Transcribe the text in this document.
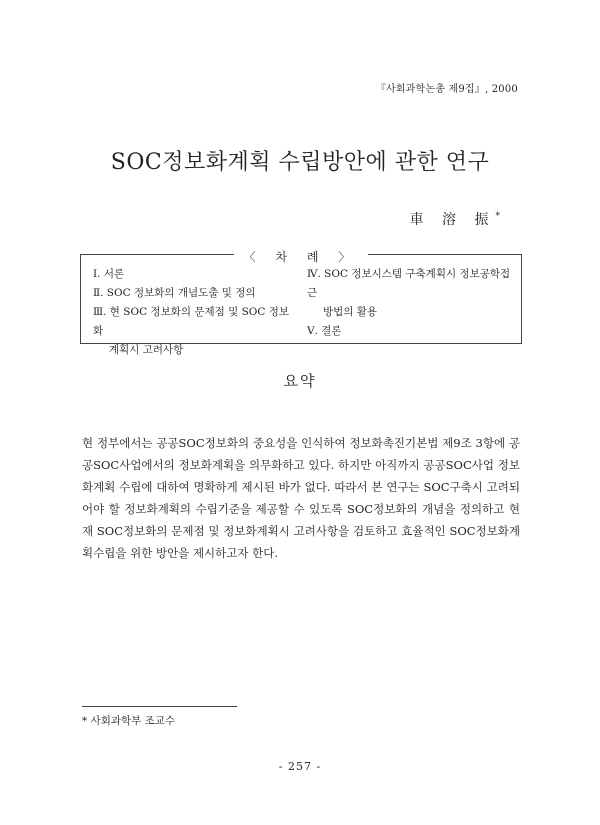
『사회과학논총 제9집』, 2000
SOC정보화계획 수립방안에 관한 연구
車 溶 振*
〈 차 례 〉
Ⅰ. 서론
Ⅱ. SOC 정보화의 개념도출 및 정의
Ⅲ. 현 SOC 정보화의 문제점 및 SOC 정보화
계획시 고려사항
Ⅳ. SOC 정보시스템 구축계획시 정보공학접근
방법의 활용
Ⅴ. 결론
요약
현 정부에서는 공공SOC정보화의 중요성을 인식하여 정보화촉진기본법 제9조 3항에 공공SOC사업에서의 정보화계획을 의무화하고 있다. 하지만 아직까지 공공SOC사업 정보화계획 수립에 대하여 명확하게 제시된 바가 없다. 따라서 본 연구는 SOC구축시 고려되어야 할 정보화계획의 수립기준을 제공할 수 있도록 SOC정보화의 개념을 정의하고 현재 SOC정보화의 문제점 및 정보화계획시 고려사항을 검토하고 효율적인 SOC정보화계획수립을 위한 방안을 제시하고자 한다.
* 사회과학부 조교수
- 257 -
